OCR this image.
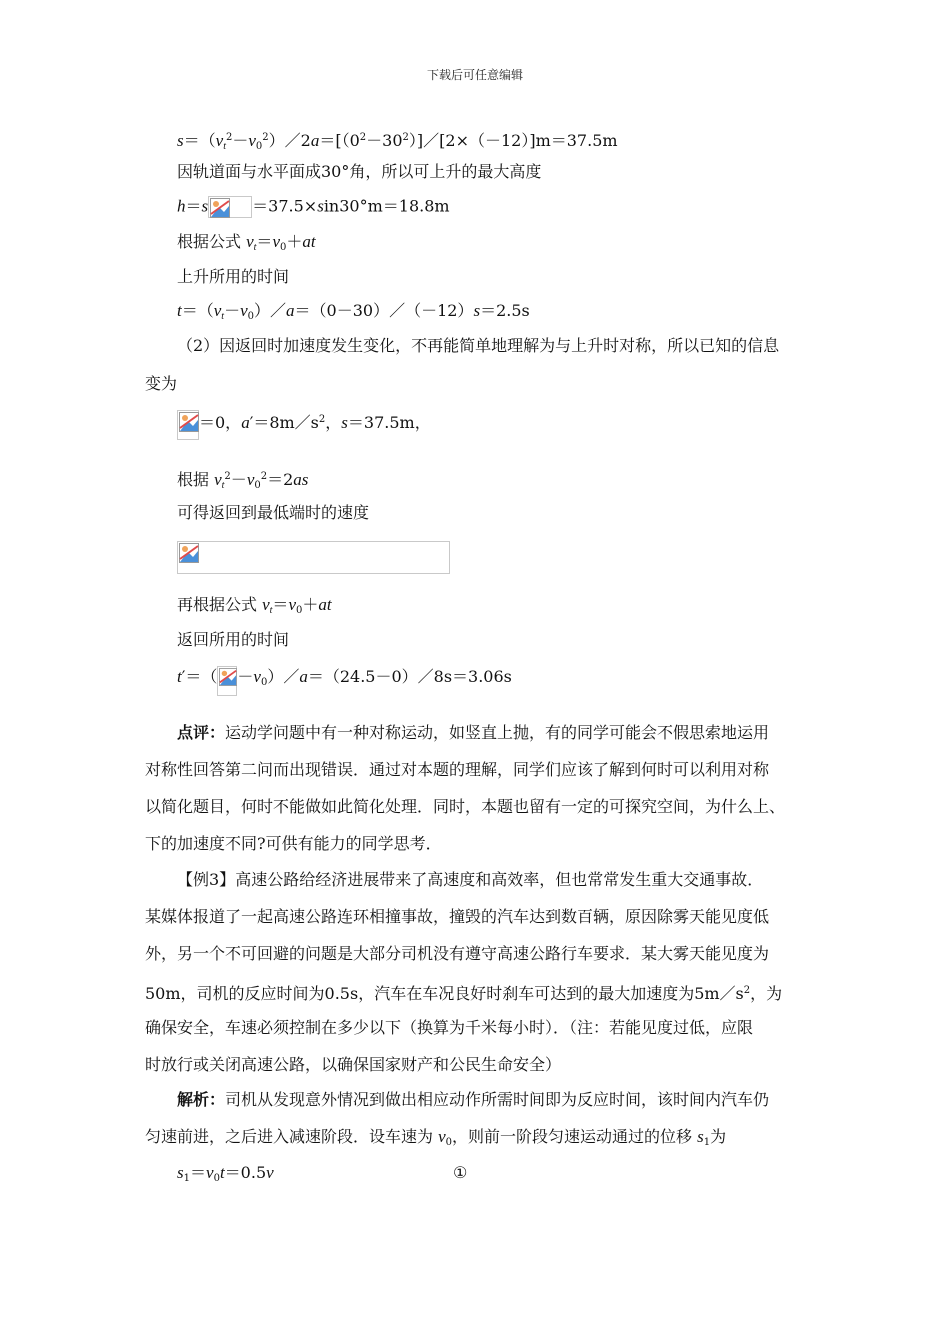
下载后可任意编辑
$s=(v_t^2-v_0^2)/2a=[(0^2-30^2)]/[2\times(-12)]m=37.5m$
因轨道面与水平面成30°角，所以可上升的最大高度
h＝s	＝37.5×sin30°m＝18.8m
根据公式 $v_t=v_0+at$
上升所用的时间
$t=(v_t-v_0)/a=(0-30)/(-12)s=2.5s$
（2）因返回时加速度发生变化，不再能简单地理解为与上升时对称，所以已知的信息
变为
＝0，$a'=8m/s^2$，s＝37.5m，
根据 $v_t^2-v_0^2=2as$
可得返回到最低端时的速度
再根据公式 $v_t=v_0+at$
返回所用的时间
$t'=( -v_0)/a=(24.5-0)/8s=3.06s$
点评：运动学问题中有一种对称运动，如竖直上抛，有的同学可能会不假思索地运用
对称性回答第二问而出现错误．通过对本题的理解，同学们应该了解到何时可以利用对称
以简化题目，何时不能做如此简化处理．同时，本题也留有一定的可探究空间，为什么上、
下的加速度不同?可供有能力的同学思考．
【例3】高速公路给经济进展带来了高速度和高效率，但也常常发生重大交通事故．
某媒体报道了一起高速公路连环相撞事故，撞毁的汽车达到数百辆，原因除雾天能见度低
外，另一个不可回避的问题是大部分司机没有遵守高速公路行车要求．某大雾天能见度为
50m，司机的反应时间为0.5s，汽车在车况良好时刹车可达到的最大加速度为$5m/s^2$，为
确保安全，车速必须控制在多少以下（换算为千米每小时）．（注：若能见度过低，应限
时放行或关闭高速公路，以确保国家财产和公民生命安全）
解析：司机从发现意外情况到做出相应动作所需时间即为反应时间，该时间内汽车仍
匀速前进，之后进入减速阶段．设车速为 $v_0$，则前一阶段匀速运动通过的位移 $s_1$为
$s_1=v_0t=0.5v$	①
